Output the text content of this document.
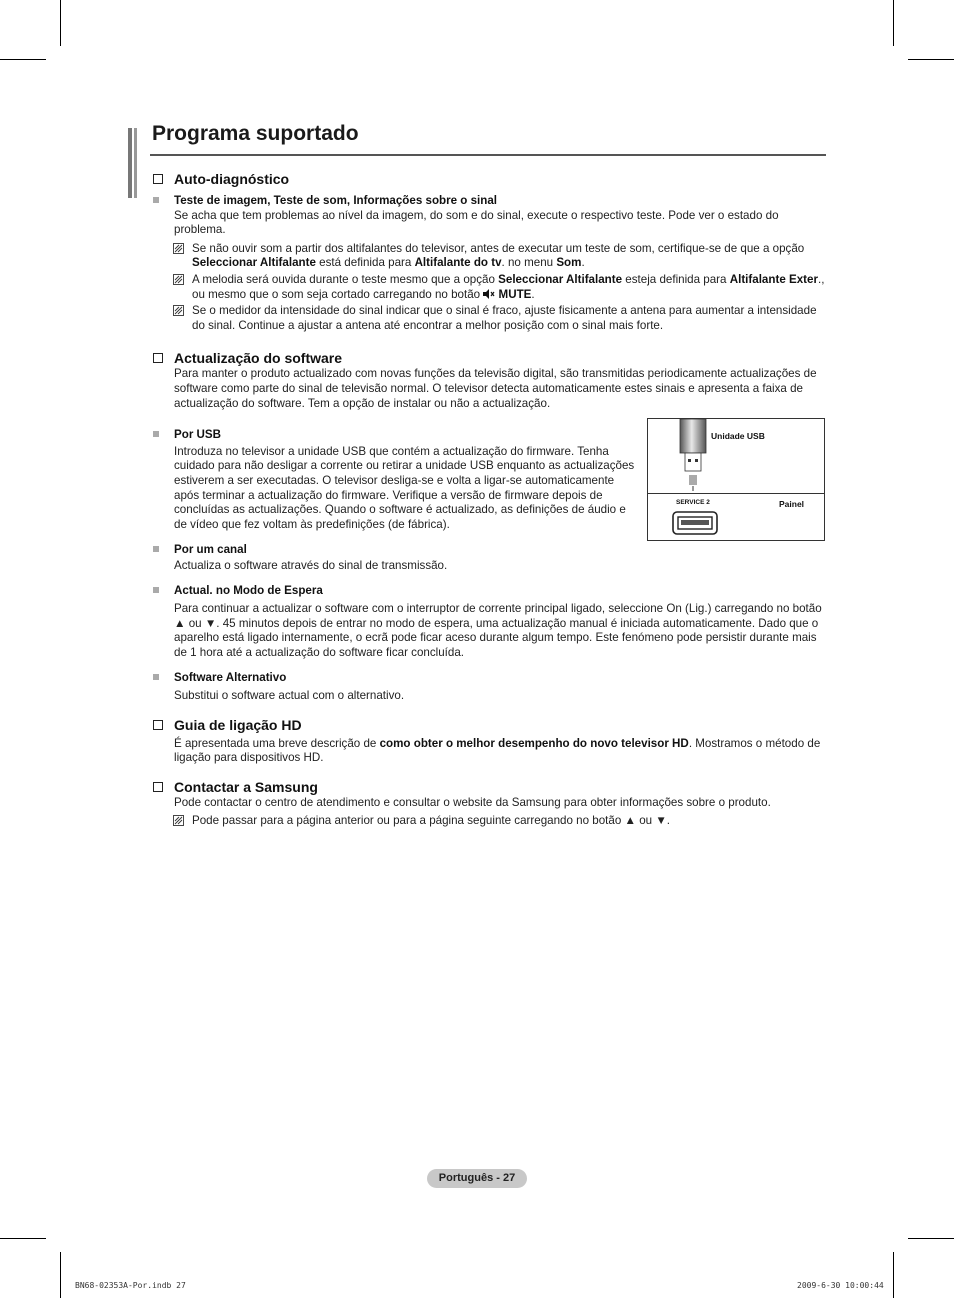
Programa suportado
Auto-diagnóstico
Teste de imagem, Teste de som, Informações sobre o sinal
Se acha que tem problemas ao nível da imagem, do som e do sinal, execute o respectivo teste. Pode ver o estado do problema.
Se não ouvir som a partir dos altifalantes do televisor, antes de executar um teste de som, certifique-se de que a opção Seleccionar Altifalante está definida para Altifalante do tv. no menu Som.
A melodia será ouvida durante o teste mesmo que a opção Seleccionar Altifalante esteja definida para Altifalante Exter., ou mesmo que o som seja cortado carregando no botão  MUTE.
Se o medidor da intensidade do sinal indicar que o sinal é fraco, ajuste fisicamente a antena para aumentar a intensidade do sinal. Continue a ajustar a antena até encontrar a melhor posição com o sinal mais forte.
Actualização do software
Para manter o produto actualizado com novas funções da televisão digital, são transmitidas periodicamente actualizações de software como parte do sinal de televisão normal. O televisor detecta automaticamente estes sinais e apresenta a faixa de actualização do software. Tem a opção de instalar ou não a actualização.
Por USB
Introduza no televisor a unidade USB que contém a actualização do firmware. Tenha cuidado para não desligar a corrente ou retirar a unidade USB enquanto as actualizações estiverem a ser executadas. O televisor desliga-se e volta a ligar-se automaticamente após terminar a actualização do firmware. Verifique a versão de firmware depois de concluídas as actualizações. Quando o software é actualizado, as definições de áudio e de vídeo que fez voltam às predefinições (de fábrica).
Por um canal
Actualiza o software através do sinal de transmissão.
Actual. no Modo de Espera
Para continuar a actualizar o software com o interruptor de corrente principal ligado, seleccione On (Lig.) carregando no botão ▲ ou ▼. 45 minutos depois de entrar no modo de espera, uma actualização manual é iniciada automaticamente. Dado que o aparelho está ligado internamente, o ecrã pode ficar aceso durante algum tempo. Este fenómeno pode persistir durante mais de 1 hora até a actualização do software ficar concluída.
Software Alternativo
Substitui o software actual com o alternativo.
Guia de ligação HD
É apresentada uma breve descrição de como obter o melhor desempenho do novo televisor HD. Mostramos o método de ligação para dispositivos HD.
Contactar a Samsung
Pode contactar o centro de atendimento e consultar o website da Samsung para obter informações sobre o produto.
Pode passar para a página anterior ou para a página seguinte carregando no botão ▲ ou ▼.
Unidade USB
SERVICE 2	Painel
Português - 27
BN68-02353A-Por.indb 27	2009-6-30 10:00:44
